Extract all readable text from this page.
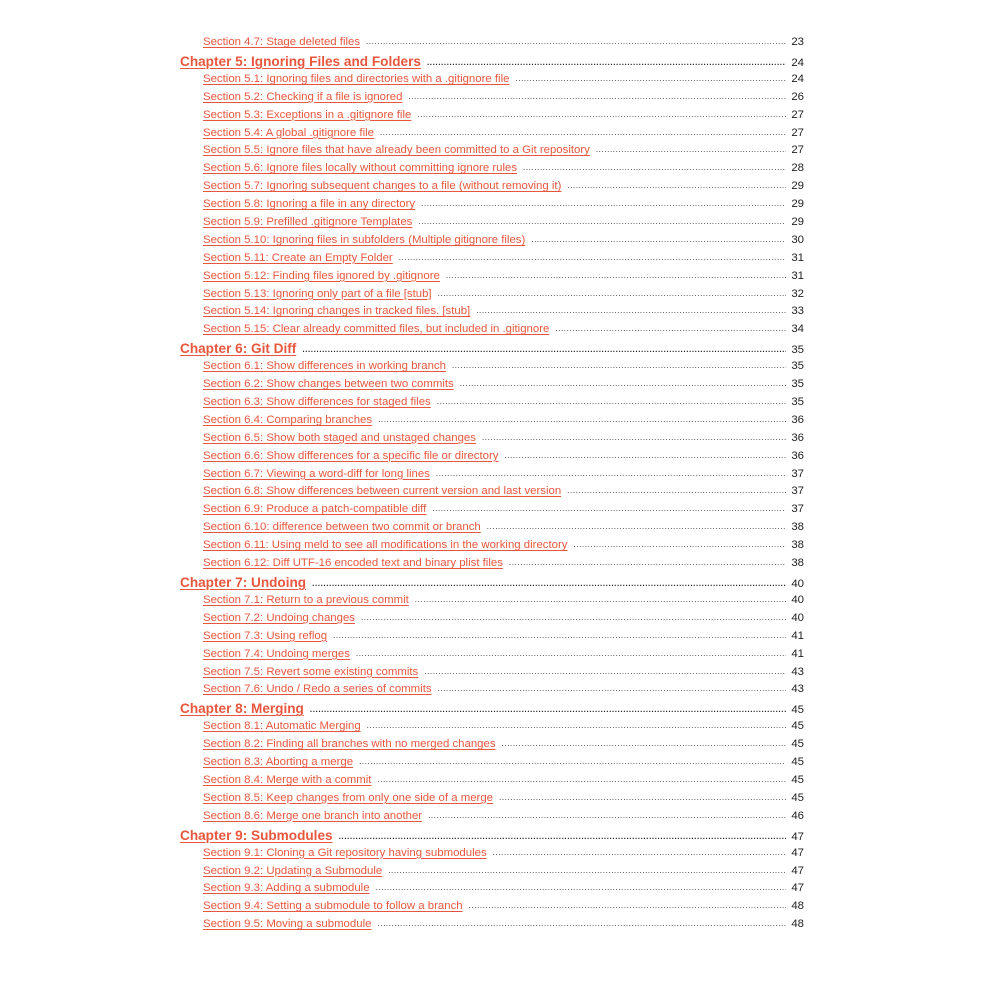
Section 4.7: Stage deleted files .....	23
Chapter 5: Ignoring Files and Folders .....	24
Section 5.1: Ignoring files and directories with a .gitignore file .....	24
Section 5.2: Checking if a file is ignored .....	26
Section 5.3: Exceptions in a .gitignore file .....	27
Section 5.4: A global .gitignore file .....	27
Section 5.5: Ignore files that have already been committed to a Git repository .....	27
Section 5.6: Ignore files locally without committing ignore rules .....	28
Section 5.7: Ignoring subsequent changes to a file (without removing it) .....	29
Section 5.8: Ignoring a file in any directory .....	29
Section 5.9: Prefilled .gitignore Templates .....	29
Section 5.10: Ignoring files in subfolders (Multiple gitignore files) .....	30
Section 5.11: Create an Empty Folder .....	31
Section 5.12: Finding files ignored by .gitignore .....	31
Section 5.13: Ignoring only part of a file [stub] .....	32
Section 5.14: Ignoring changes in tracked files. [stub] .....	33
Section 5.15: Clear already committed files, but included in .gitignore .....	34
Chapter 6: Git Diff .....	35
Section 6.1: Show differences in working branch .....	35
Section 6.2: Show changes between two commits .....	35
Section 6.3: Show differences for staged files .....	35
Section 6.4: Comparing branches .....	36
Section 6.5: Show both staged and unstaged changes .....	36
Section 6.6: Show differences for a specific file or directory .....	36
Section 6.7: Viewing a word-diff for long lines .....	37
Section 6.8: Show differences between current version and last version .....	37
Section 6.9: Produce a patch-compatible diff .....	37
Section 6.10: difference between two commit or branch .....	38
Section 6.11: Using meld to see all modifications in the working directory .....	38
Section 6.12: Diff UTF-16 encoded text and binary plist files .....	38
Chapter 7: Undoing .....	40
Section 7.1: Return to a previous commit .....	40
Section 7.2: Undoing changes .....	40
Section 7.3: Using reflog .....	41
Section 7.4: Undoing merges .....	41
Section 7.5: Revert some existing commits .....	43
Section 7.6: Undo / Redo a series of commits .....	43
Chapter 8: Merging .....	45
Section 8.1: Automatic Merging .....	45
Section 8.2: Finding all branches with no merged changes .....	45
Section 8.3: Aborting a merge .....	45
Section 8.4: Merge with a commit .....	45
Section 8.5: Keep changes from only one side of a merge .....	45
Section 8.6: Merge one branch into another .....	46
Chapter 9: Submodules .....	47
Section 9.1: Cloning a Git repository having submodules .....	47
Section 9.2: Updating a Submodule .....	47
Section 9.3: Adding a submodule .....	47
Section 9.4: Setting a submodule to follow a branch .....	48
Section 9.5: Moving a submodule .....	48
